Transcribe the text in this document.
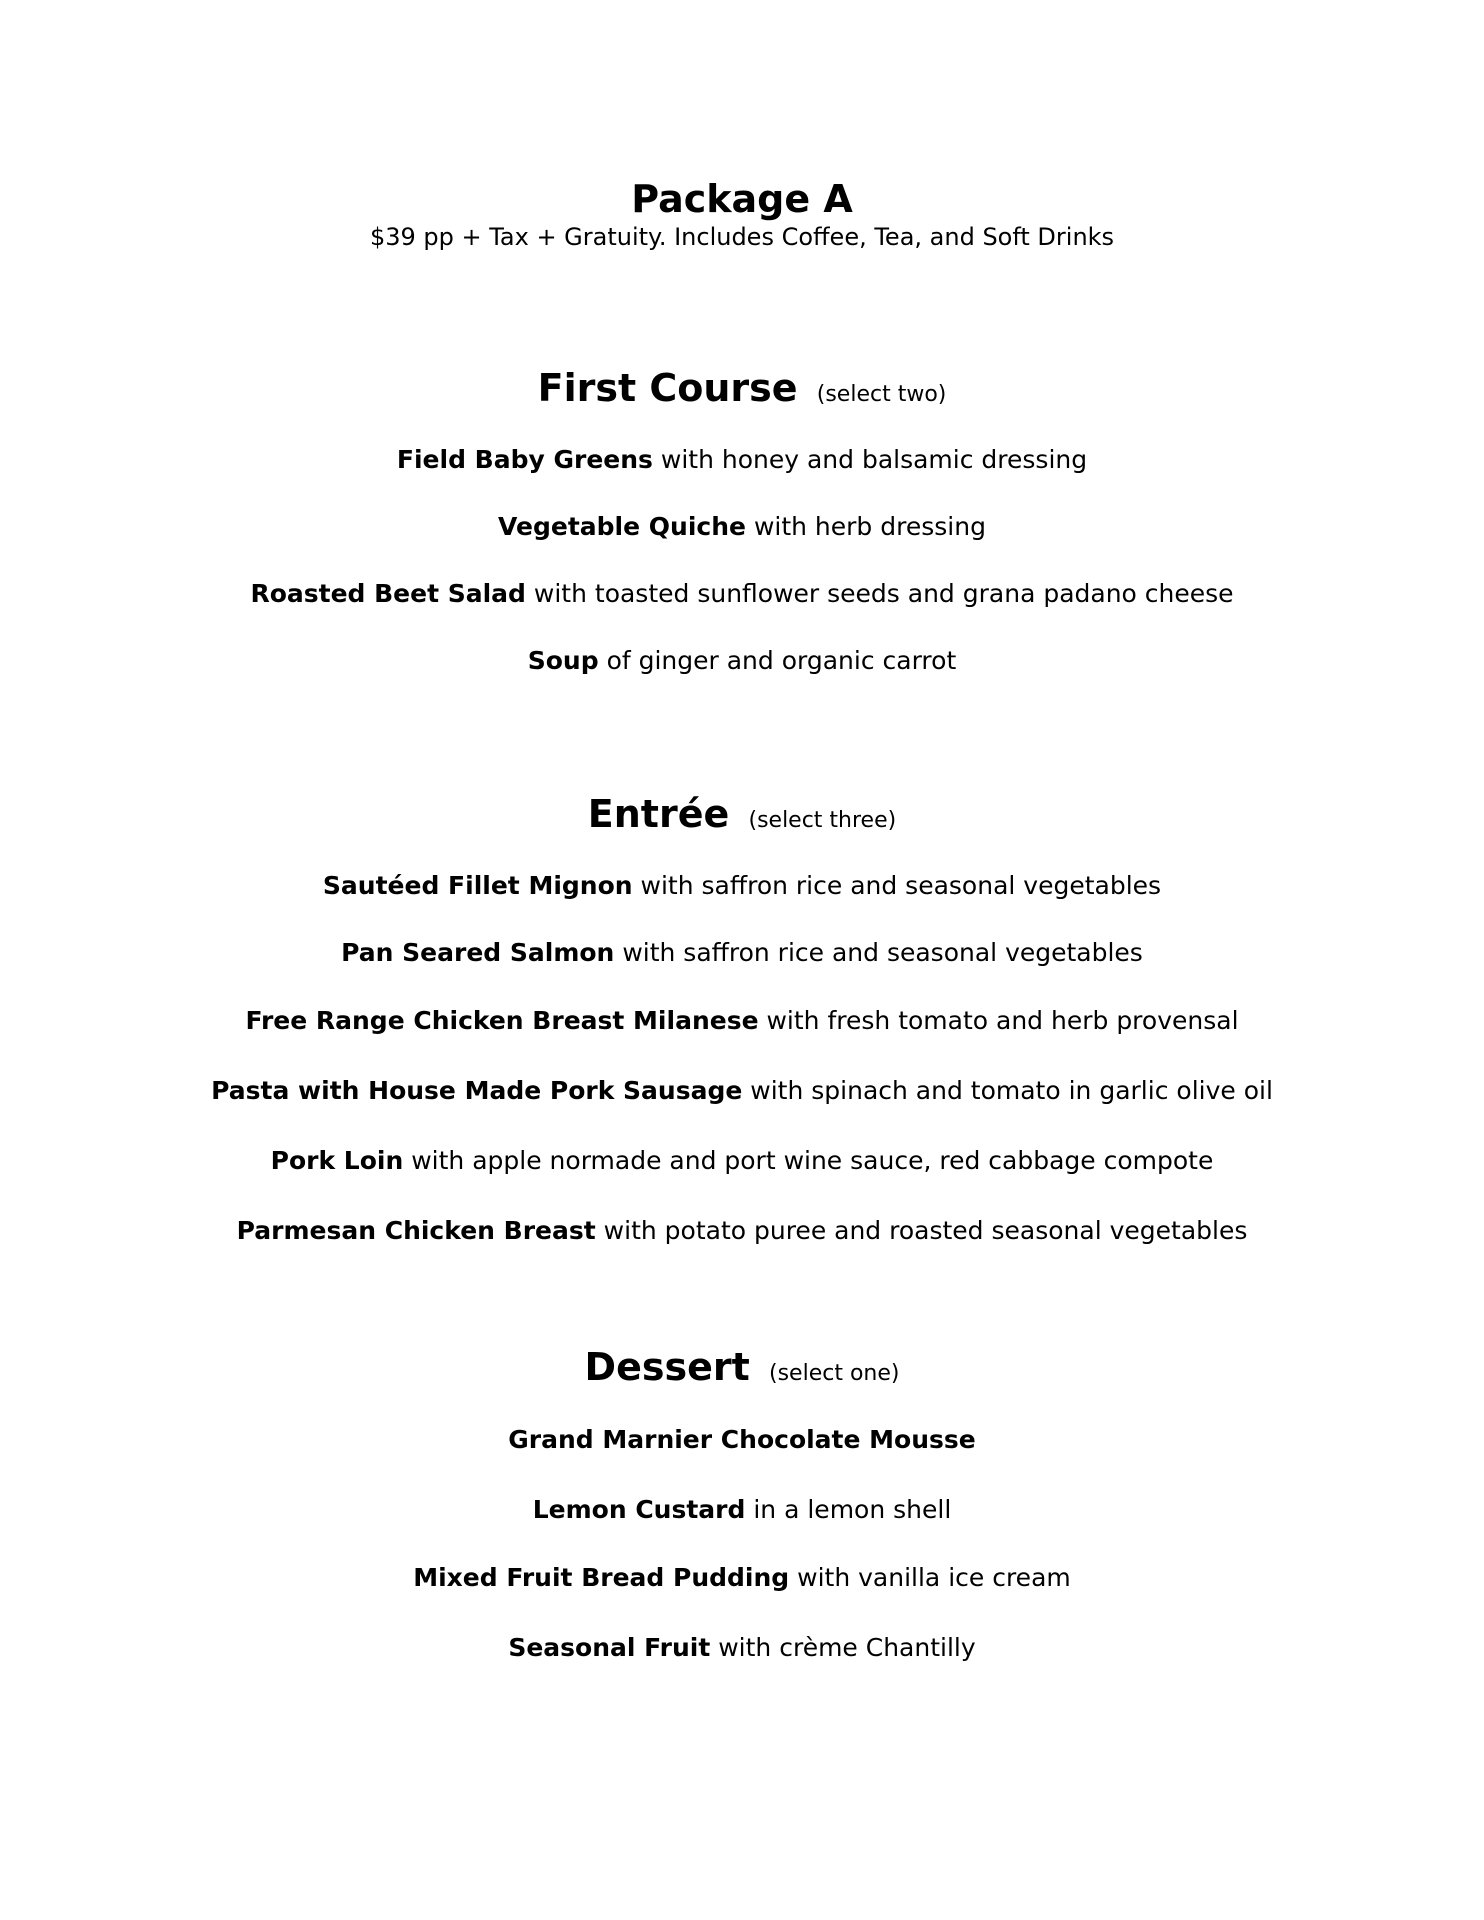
Package A
$39 pp + Tax + Gratuity. Includes Coffee, Tea, and Soft Drinks
First Course (select two)
Field Baby Greens with honey and balsamic dressing
Vegetable Quiche with herb dressing
Roasted Beet Salad with toasted sunflower seeds and grana padano cheese
Soup of ginger and organic carrot
Entrée (select three)
Sautéed Fillet Mignon with saffron rice and seasonal vegetables
Pan Seared Salmon with saffron rice and seasonal vegetables
Free Range Chicken Breast Milanese with fresh tomato and herb provensal
Pasta with House Made Pork Sausage with spinach and tomato in garlic olive oil
Pork Loin with apple normade and port wine sauce, red cabbage compote
Parmesan Chicken Breast with potato puree and roasted seasonal vegetables
Dessert (select one)
Grand Marnier Chocolate Mousse
Lemon Custard in a lemon shell
Mixed Fruit Bread Pudding with vanilla ice cream
Seasonal Fruit with crème Chantilly
